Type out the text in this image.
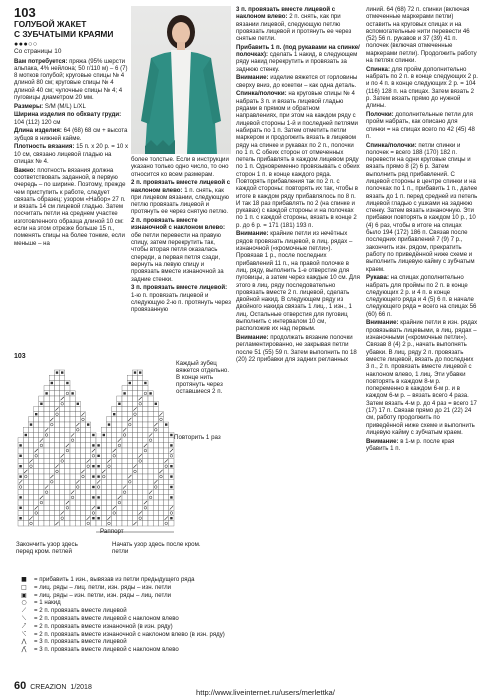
103
ГОЛУБОЙ ЖАКЕТ
С ЗУБЧАТЫМИ КРАЯМИ
●●●○○
Со страницы 10

Вам потребуется: пряжа (95% шерсти альпака, 4% нейлона; 50 г/110 м) – 6 (7) 8 мотков голубой; круговые спицы № 4 длиной 80 см; круговые спицы № 4 длиной 40 см; чулочные спицы № 4; 4 пуговицы диаметром 20 мм.

Размеры: S/M (M/L) L/XL

Ширина изделия по обхвату груди: 104 (112) 120 см

Длина изделия: 64 (68) 68 см + высота зубцов в нижней кайме.

Плотность вязания: 15 п. х 20 р. = 10 х 10 см, связано лицевой гладью на спицах № 4.

Важно: плотность вязания должна соответствовать заданной, в первую очередь – по ширине. Поэтому, прежде чем приступить к работе, следует связать образец: узором «Набор» 27 п. и вязать 14 см лицевой гладью. Затем посчитать петли на среднем участке изготовленного образца длиной 10 см: если на этом отрезке больше 15 п., поменять спицы на более тонкие, если меньше – на

более толстые. Если в инструкции указано только одно число, то оно относится ко всем размерам.

2 п. провязать вместе лицевой с наклоном влево: 1 п. снять, как при лицевом вязании, следующую петлю провязать лицевой и протянуть ее через снятую петлю.

2 п. провязать вместе изнаночной с наклоном влево: обе петли перевести на правую спицу, затем перекрутить так, чтобы вторая петля оказалась спереди, а первая петля сзади, вернуть на левую спицу и провязать вместе изнаночной за задние стенки.

3 п. провязать вместе лицевой: 1-ю п. провязать лицевой и следующую 2-ю п. протянуть через провязанную

3 п. провязать вместе лицевой с наклоном влево: 2 п. снять, как при вязании лицевой, следующую петлю провязать лицевой и протянуть ее через снятые петли.

Прибавить 1 п. (под рукавами на спинке/полочках): сделать 1 накид, в следующем ряду накид перекрутить и провязать за заднюю стенку.

Внимание: изделие вяжется от горловины сверху вниз, до кокетки – как одна деталь.

Спинка/полочки: на круговые спицы № 4 набрать 3 п. и вязать лицевой гладью рядами в прямом и обратном направлениях, при этом на каждом ряду с лицевой стороны 1-й и последней петлями набирать по 1 п. Затем отметить петли маркером и продолжить вязать в лицевом ряду на спинке и рукавах по 2 п., полочки по 1 п. С обеих сторон от отмеченных петель прибавлять в каждом лицевом ряду по 1 п. Одновременно провязывать с обеих сторон 1 п. в конце каждого ряда. Повторять прибавления так по 2 п. с каждой стороны: повторять их так, чтобы в итоге в каждом ряду прибавлялось по 8 п. И так 18 раз прибавлять по 2 (на спинке и рукавах) с каждой стороны и на полочках по 1 п. с каждой стороны, вязать в конце 2 р. до 6 р. = 171 (181) 193 п.

Внимание: крайние петли из нечётных рядов провязать лицевой, в лиц. рядах – изнаночной («кромочные петли»). Провязав 1 р., после последних прибавлений 11 п., на правой полочке в лиц. ряду, выполнить 1-е отверстие для пуговицы, а затем через каждые 10 см. Для этого в лиц. ряду последовательно провязать вместе 2 п. лицевой, сделать двойной накид. В следующем ряду из двойного накида связать 1 лиц., 1 изн., 1 лиц. Остальные отверстия для пуговиц выполнить с интервалом 10 см, расположив их над первым.

Внимание: продолжать вязание полочки регламентированно, не закрывая петли после 51 (55) 59 п. Затем выполнить по 18 (20) 22 прибавки для задних регланных

линий. 64 (68) 72 п. спинки (включая отмеченные маркерами петли) оставить на круговых спицах и на вспомогательные нити перевести 46 (52) 56 п. рукавов и 37 (39) 41 п. полочек (включая отмеченные маркерами петли). Продолжить работу на петлях спинки.

Спинка: для пройм дополнительно набрать по 2 п. в конце следующих 2 р. и по 4 п. в конце следующих 2 р. = 104 (116) 128 п. на спицах. Затем вязать 2 р. Затем вязать прямо до нужной длины.

Полочки: дополнительные петли для пройм набрать, как описано для спинки = на спицах всего по 42 (45) 48 п.

Спинка/полочки: петли спинки и полочек = всего 188 (170) 182 п. перевести на одни круговые спицы и вязать прямо 8 (2) 6 р. Затем выполнить ряд прибавлений. С лицевой стороны в центре спинки и на полочках по 1 п., прибавить 1 п., далее вязать до 1 п. перед средней из петель лицевой гладью с ушками на заднюю стенку. Затем вязать изнаночную. Эти прибавки повторять в каждом 10 р., 10 (4) 6 раз, чтобы в итоге на спицах было 194 (172) 186 п. Связав после последних прибавлений 7 (9) 7 р., закончить изн. рядом, прекратить работу по приведённой ниже схеме и выполнить лицевую кайму с зубчатым краем.

Рукава: на спицах дополнительно набрать для проймы по 2 п. в конце следующих 2 р. и 4 п. в конце следующего ряда и 4 (5) 6 п. в начале следующего ряда = всего на спицах 56 (60) 66 п.

Внимание: крайние петли в изн. рядах провязывать лицевыми, в лиц. рядах – изнаночными («кромочные петли»). Связав 8 (4) 2 р., начать выполнять убавки. В лиц. ряду 2 п. провязать вместе лицевой, вязать до последних 3 п., 2 п. провязать вместе лицевой с наклоном влево, 1 лиц. Эти убавки повторять в каждом 8-м р. попеременно в каждом 6-м р. и в каждом 6-м р. – вязать всего 4 раза. Затем вязать 4-м р. до 4 раз = всего 17 (17) 17 п. Связав прямо до 21 (22) 24 см, работу продолжить по приведённой ниже схеме и выполнить лицевую кайму с зубчатым краем.

Внимание: в 1-м р. после края убавить 1 п.

103
Каждый зубец вяжется отдельно. В конце нить протянуть через оставшиеся 2 п.
Повторить 1 раз
Раппорт
Закончить узор здесь перед кром. петлей
Начать узор здесь после кром. петли
■	= прибавить 1 изн., вывязав из петли предыдущего ряда
□	= лиц. ряды – лиц. петли, изн. ряды – изн. петли
▣	= лиц. ряды – изн. петли, изн. ряды – лиц. петли
○	= 1 накид
⟋	= 2 п. провязать вместе лицевой
⟍	= 2 п. провязать вместе лицевой с наклоном влево
⟋̄	= 2 п. провязать вместе изнаночной (в изн. ряду)
⟍̄	= 2 п. провязать вместе изнаночной с наклоном влево (в изн. ряду)
⋀	= 3 п. провязать вместе лицевой
⋀̄	= 3 п. провязать вместе лицевой с наклоном влево
60 CREAZION 1/2018
http://www.liveinternet.ru/users/merlettka/
